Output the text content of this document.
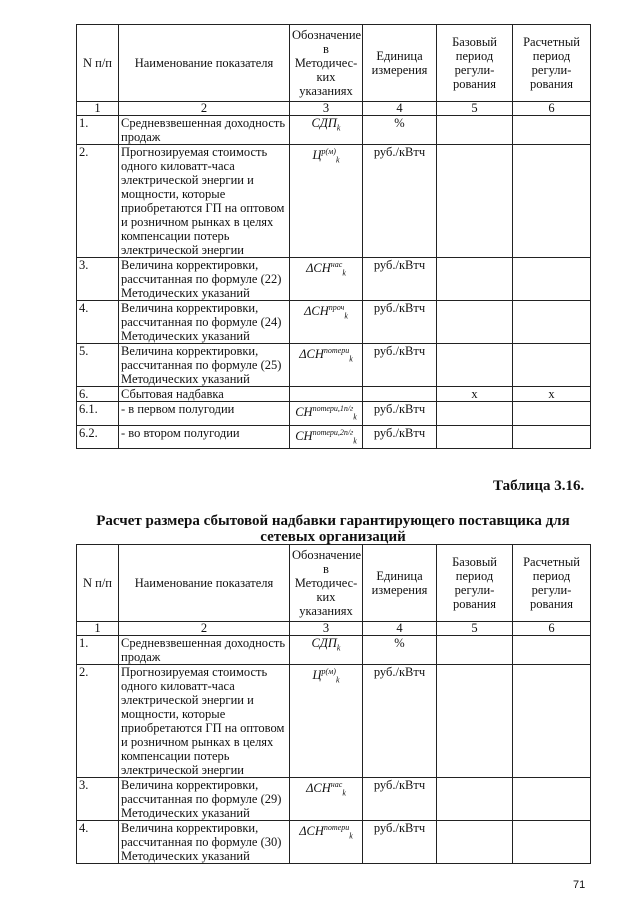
N п/п	Наименование показателя	Обозначение в Методичес-ких указаниях	Единица измерения	Базовый период регули-рования	Расчетный период регули-рования
1	2	3	4	5	6
1.	Средневзвешенная доходность продаж	$СДП_k$	%		
2.	Прогнозируемая стоимость одного киловатт-часа электрической энергии и мощности, которые приобретаются ГП на оптовом и розничном рынках в целях компенсации потерь электрической энергии	$Ц^{р(м)}_k$	руб./кВтч		
3.	Величина корректировки, рассчитанная по формуле (22) Методических указаний	$\Delta СН^{нас}_k$	руб./кВтч		
4.	Величина корректировки, рассчитанная по формуле (24) Методических указаний	$\Delta СН^{проч}_k$	руб./кВтч		
5.	Величина корректировки, рассчитанная по формуле (25) Методических указаний	$\Delta СН^{потери}_k$	руб./кВтч		
6.	Сбытовая надбавка			x	x
6.1.	- в первом полугодии	$СН^{потери,1п/г}_k$	руб./кВтч		
6.2.	- во втором полугодии	$СН^{потери,2п/г}_k$	руб./кВтч		
Таблица 3.16.
Расчет размера сбытовой надбавки гарантирующего поставщика для сетевых организаций
N п/п	Наименование показателя	Обозначение в Методичес-ких указаниях	Единица измерения	Базовый период регули-рования	Расчетный период регули-рования
1	2	3	4	5	6
1.	Средневзвешенная доходность продаж	$СДП_k$	%		
2.	Прогнозируемая стоимость одного киловатт-часа электрической энергии и мощности, которые приобретаются ГП на оптовом и розничном рынках в целях компенсации потерь электрической энергии	$Ц^{р(м)}_k$	руб./кВтч		
3.	Величина корректировки, рассчитанная по формуле (29) Методических указаний	$\Delta СН^{нас}_k$	руб./кВтч		
4.	Величина корректировки, рассчитанная по формуле (30) Методических указаний	$\Delta СН^{потери}_k$	руб./кВтч		
71
